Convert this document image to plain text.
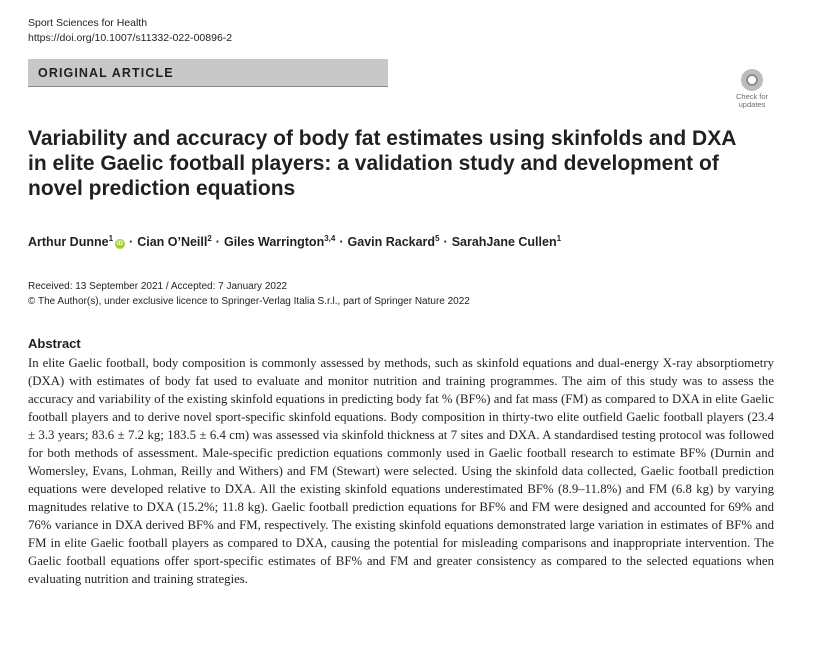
Sport Sciences for Health
https://doi.org/10.1007/s11332-022-00896-2
ORIGINAL ARTICLE
Check for
updates
Variability and accuracy of body fat estimates using skinfolds and DXA in elite Gaelic football players: a validation study and development of novel prediction equations
Arthur Dunne$^1$iD · Cian O’Neill$^2$ · Giles Warrington$^{3,4}$ · Gavin Rackard$^5$ · SarahJane Cullen$^1$
Received: 13 September 2021 / Accepted: 7 January 2022
© The Author(s), under exclusive licence to Springer-Verlag Italia S.r.l., part of Springer Nature 2022
Abstract

In elite Gaelic football, body composition is commonly assessed by methods, such as skinfold equations and dual-energy X-ray absorptiometry (DXA) with estimates of body fat used to evaluate and monitor nutrition and training programmes. The aim of this study was to assess the accuracy and variability of the existing skinfold equations in predicting body fat % (BF%) and fat mass (FM) as compared to DXA in elite Gaelic football players and to derive novel sport-specific skinfold equations. Body composition in thirty-two elite outfield Gaelic football players (23.4 ± 3.3 years; 83.6 ± 7.2 kg; 183.5 ± 6.4 cm) was assessed via skinfold thickness at 7 sites and DXA. A standardised testing protocol was followed for both methods of assessment. Male-specific prediction equations commonly used in Gaelic football research to estimate BF% (Durnin and Womersley, Evans, Lohman, Reilly and Withers) and FM (Stewart) were selected. Using the skinfold data collected, Gaelic football prediction equations were developed relative to DXA. All the existing skinfold equations underestimated BF% (8.9–11.8%) and FM (6.8 kg) by varying magnitudes relative to DXA (15.2%; 11.8 kg). Gaelic football prediction equations for BF% and FM were designed and accounted for 69% and 76% variance in DXA derived BF% and FM, respectively. The existing skinfold equations demonstrated large variation in estimates of BF% and FM in elite Gaelic football players as compared to DXA, causing the potential for misleading comparisons and inappropriate intervention. The Gaelic football equations offer sport-specific estimates of BF% and FM and greater consistency as compared to the selected equations when evaluating nutrition and training strategies.
